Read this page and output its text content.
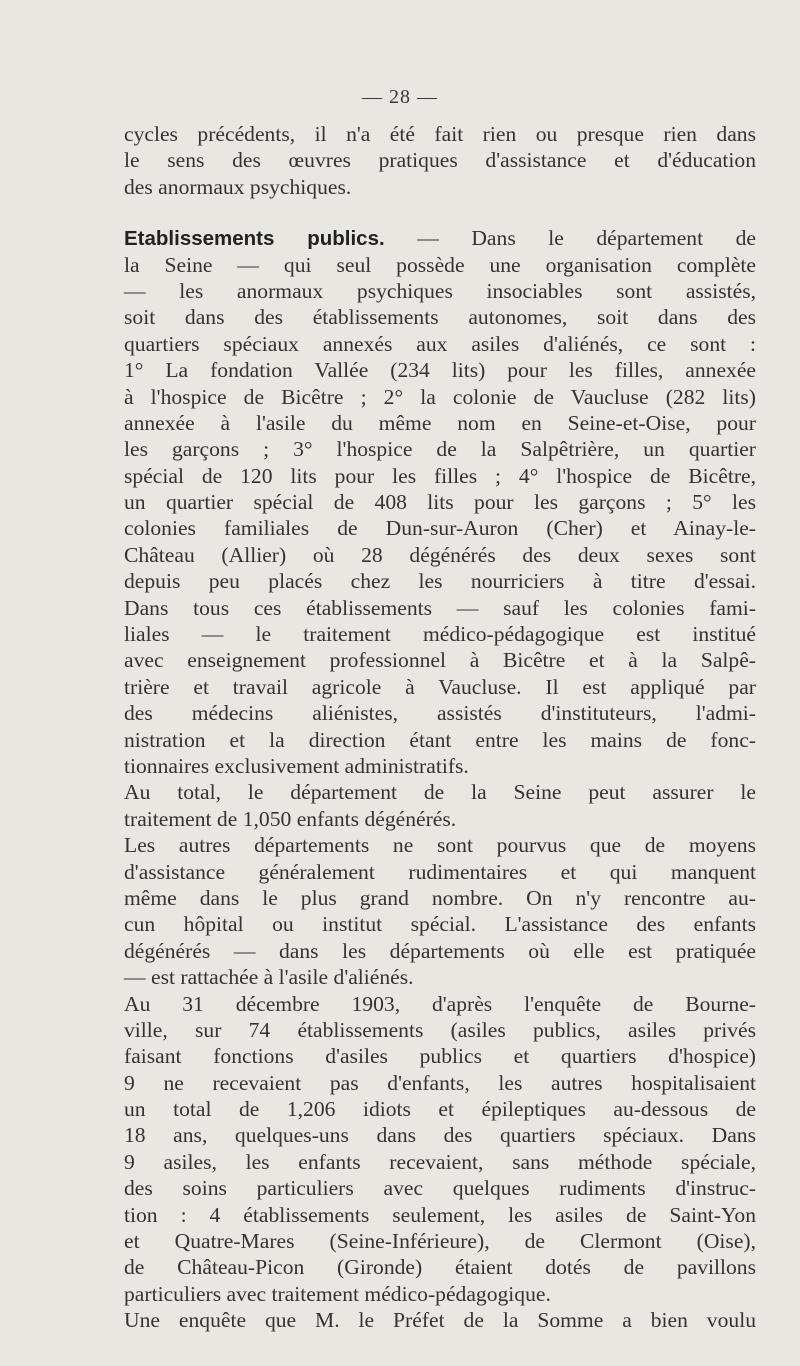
— 28 —
cycles précédents, il n'a été fait rien ou presque rien dans
le sens des œuvres pratiques d'assistance et d'éducation
des anormaux psychiques.
Etablissements publics. — Dans le département de
la Seine — qui seul possède une organisation complète
— les anormaux psychiques insociables sont assistés,
soit dans des établissements autonomes, soit dans des
quartiers spéciaux annexés aux asiles d'aliénés, ce sont :
1° La fondation Vallée (234 lits) pour les filles, annexée
à l'hospice de Bicêtre ; 2° la colonie de Vaucluse (282 lits)
annexée à l'asile du même nom en Seine-et-Oise, pour
les garçons ; 3° l'hospice de la Salpêtrière, un quartier
spécial de 120 lits pour les filles ; 4° l'hospice de Bicêtre,
un quartier spécial de 408 lits pour les garçons ; 5° les
colonies familiales de Dun-sur-Auron (Cher) et Ainay-le-
Château (Allier) où 28 dégénérés des deux sexes sont
depuis peu placés chez les nourriciers à titre d'essai.
Dans tous ces établissements — sauf les colonies fami-
liales — le traitement médico-pédagogique est institué
avec enseignement professionnel à Bicêtre et à la Salpê-
trière et travail agricole à Vaucluse. Il est appliqué par
des médecins aliénistes, assistés d'instituteurs, l'admi-
nistration et la direction étant entre les mains de fonc-
tionnaires exclusivement administratifs.
Au total, le département de la Seine peut assurer le
traitement de 1,050 enfants dégénérés.
Les autres départements ne sont pourvus que de moyens
d'assistance généralement rudimentaires et qui manquent
même dans le plus grand nombre. On n'y rencontre au-
cun hôpital ou institut spécial. L'assistance des enfants
dégénérés — dans les départements où elle est pratiquée
— est rattachée à l'asile d'aliénés.
Au 31 décembre 1903, d'après l'enquête de Bourne-
ville, sur 74 établissements (asiles publics, asiles privés
faisant fonctions d'asiles publics et quartiers d'hospice)
9 ne recevaient pas d'enfants, les autres hospitalisaient
un total de 1,206 idiots et épileptiques au-dessous de
18 ans, quelques-uns dans des quartiers spéciaux. Dans
9 asiles, les enfants recevaient, sans méthode spéciale,
des soins particuliers avec quelques rudiments d'instruc-
tion : 4 établissements seulement, les asiles de Saint-Yon
et Quatre-Mares (Seine-Inférieure), de Clermont (Oise),
de Château-Picon (Gironde) étaient dotés de pavillons
particuliers avec traitement médico-pédagogique.
Une enquête que M. le Préfet de la Somme a bien voulu
